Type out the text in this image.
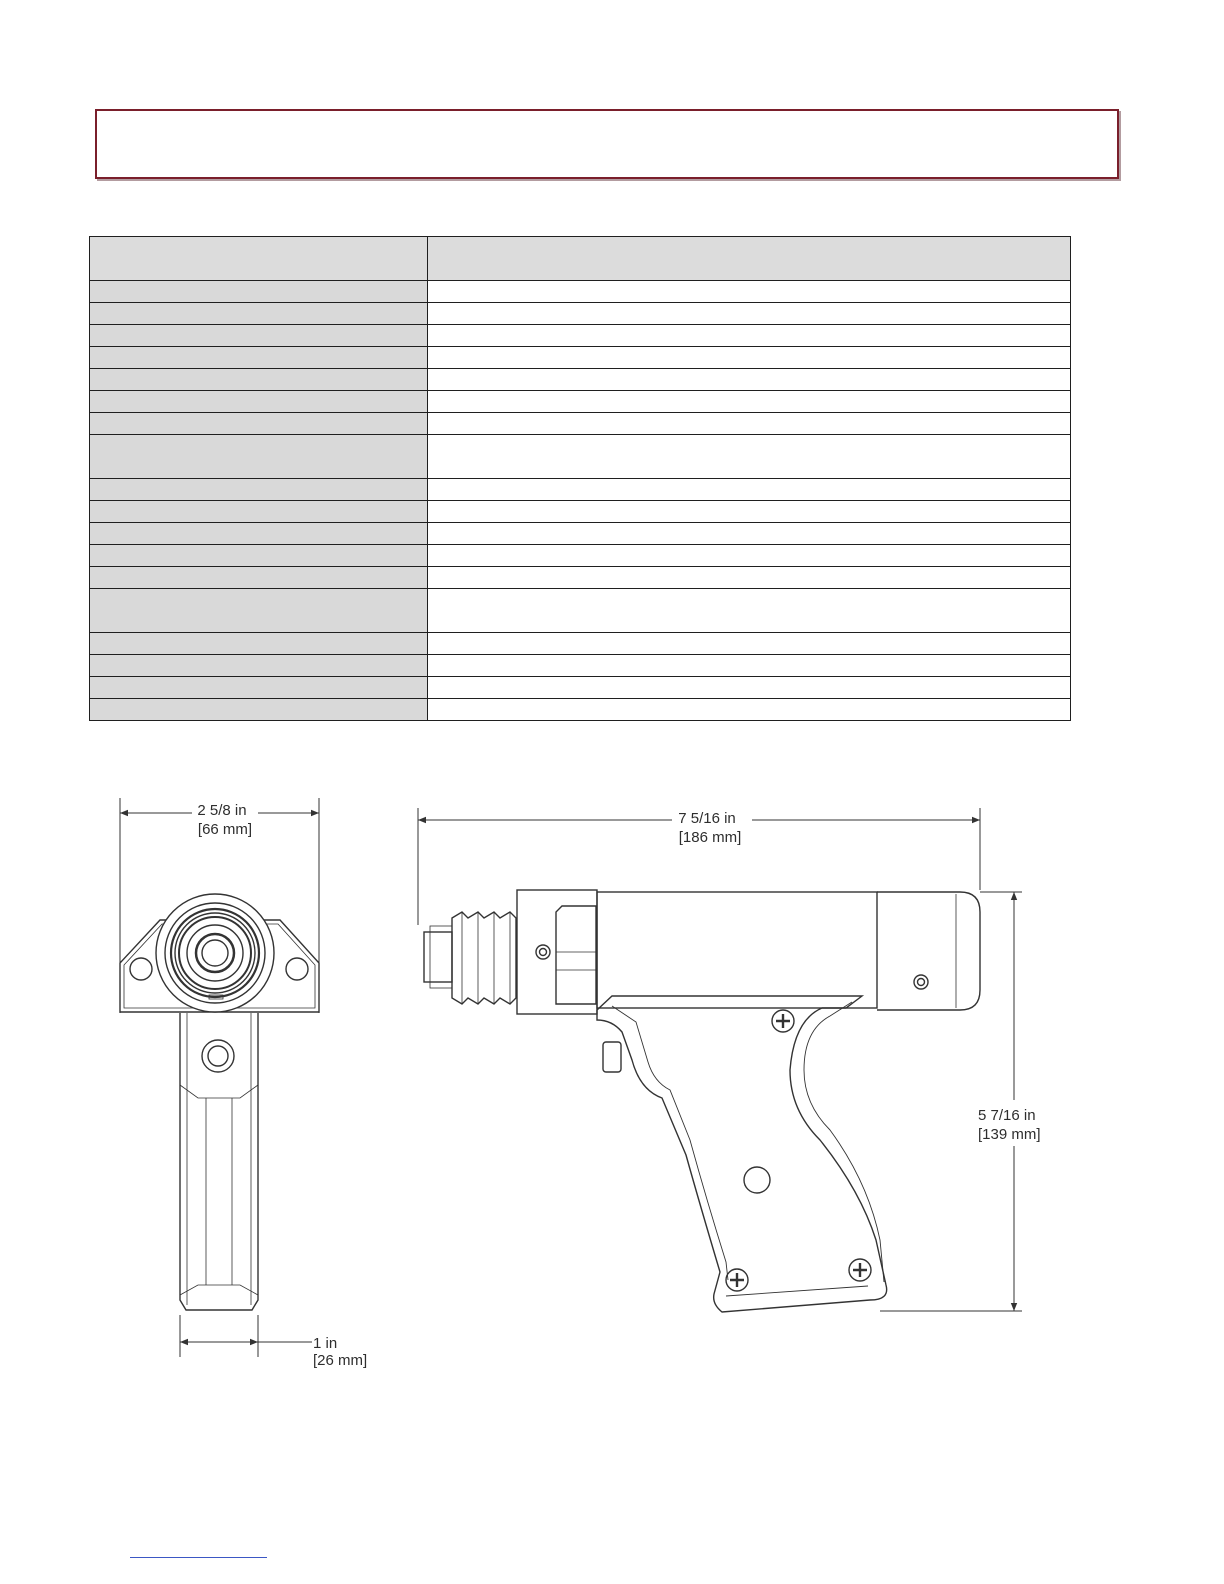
2 5/8 in
[66 mm]
1 in
[26 mm]
7 5/16 in
[186 mm]
5 7/16 in
[139 mm]
